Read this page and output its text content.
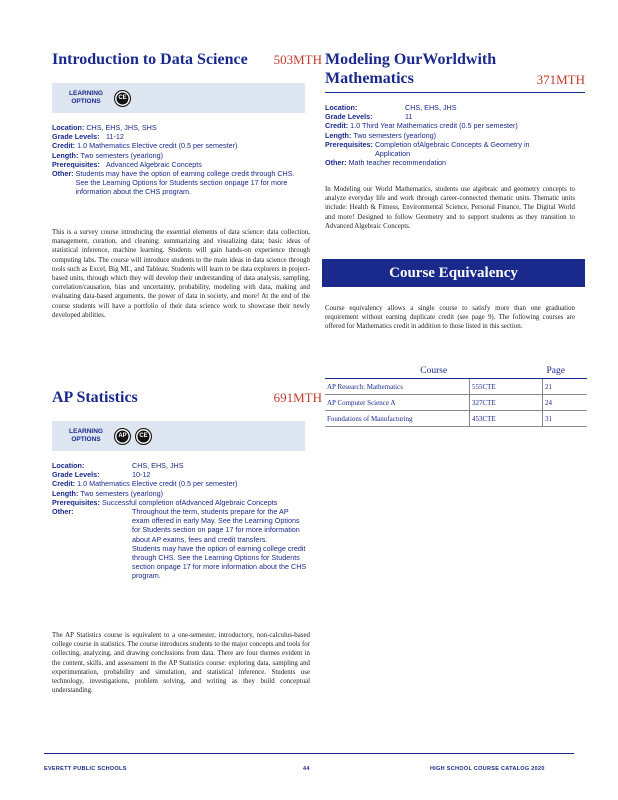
Introduction to Data Science 503MTH
LEARNING
OPTIONS	CE
Location:
CHS, EHS, JHS, SHS
Grade Levels: 11-12
Credit:
1.0 Mathematics Elective credit (0.5 per semester)
Length:
Two semesters (yearlong)
Prerequisites: Advanced Algebraic Concepts
Other:
Students may have the option of earning college credit through CHS. See the Learning Options for Students section onpage 17 for more information about the CHS program.
This is a survey course introducing the essential elements of data science: data collection, management, curation, and cleaning; summarizing and visualizing data; basic ideas of statistical inference, machine learning. Students will gain hands-on experience through computing labs. The course will introduce students to the main ideas in data science through tools such as Excel, Big ML, and Tableau. Students will learn to be data explorers in project-based units, through which they will develop their understanding of data analysis, sampling, correlation/causation, bias and uncertainty, probability, modeling with data, making and evaluating data-based arguments, the power of data in society, and more! At the end of the course students will have a portfolio of their data science work to showcase their newly developed abilities.
AP Statistics	691MTH
LEARNING
OPTIONS	AP	CE
Location:	CHS, EHS, JHS
Grade Levels:	10-12
Credit:
1.0 Mathematics Elective credit (0.5 per semester)
Length:
Two semesters (yearlong)
Prerequisites:
Successful completion ofAdvanced Algebraic Concepts
Other:	Throughout the term, students prepare for the AP exam offered in early May. See the Learning Options for Students section on page 17 for more information about AP exams, fees and credit transfers.
Students may have the option of earning college credit through CHS. See the Learning Options for Students section onpage 17 for more information about the CHS program.
The AP Statistics course is equivalent to a one-semester, introductory, non-calculus-based college course in statistics. The course introduces students to the major concepts and tools for collecting, analyzing, and drawing conclusions from data. There are four themes evident in the content, skills, and assessment in the AP Statistics course: exploring data, sampling and experimentation, probability and simulation, and statistical inference. Students use technology, investigations, problem solving, and writing as they build conceptual understanding.
Modeling OurWorldwith Mathematics	371MTH
Location:	CHS, EHS, JHS
Grade Levels:	11
Credit:
1.0 Third Year Mathematics credit (0.5 per semester)
Length:
Two semesters (yearlong)
Prerequisites:
Completion ofAlgebraic Concepts & Geometry in Application
Other:
Math teacher recommendation
In Modeling our World Mathematics, students use algebraic and geometry concepts to analyze everyday life and work through career-connected thematic units. Thematic units include: Health & Fitness, Environmental Science, Personal Finance, The Digital World and more! Designed to follow Geometry and to support students as they transition to Advanced Algebraic Concepts.
Course Equivalency
Course equivalency allows a single course to satisfy more than one graduation requirement without earning duplicate credit (see page 9). The following courses are offered for Mathematics credit in addition to those listed in this section.
Course		Page
AP Research: Mathematics	555CTE	21
AP Computer Science A	327CTE	24
Foundations of Manufacturing	453CTE	31
EVERETT PUBLIC SCHOOLS	44	HIGH SCHOOL COURSE CATALOG 2020
